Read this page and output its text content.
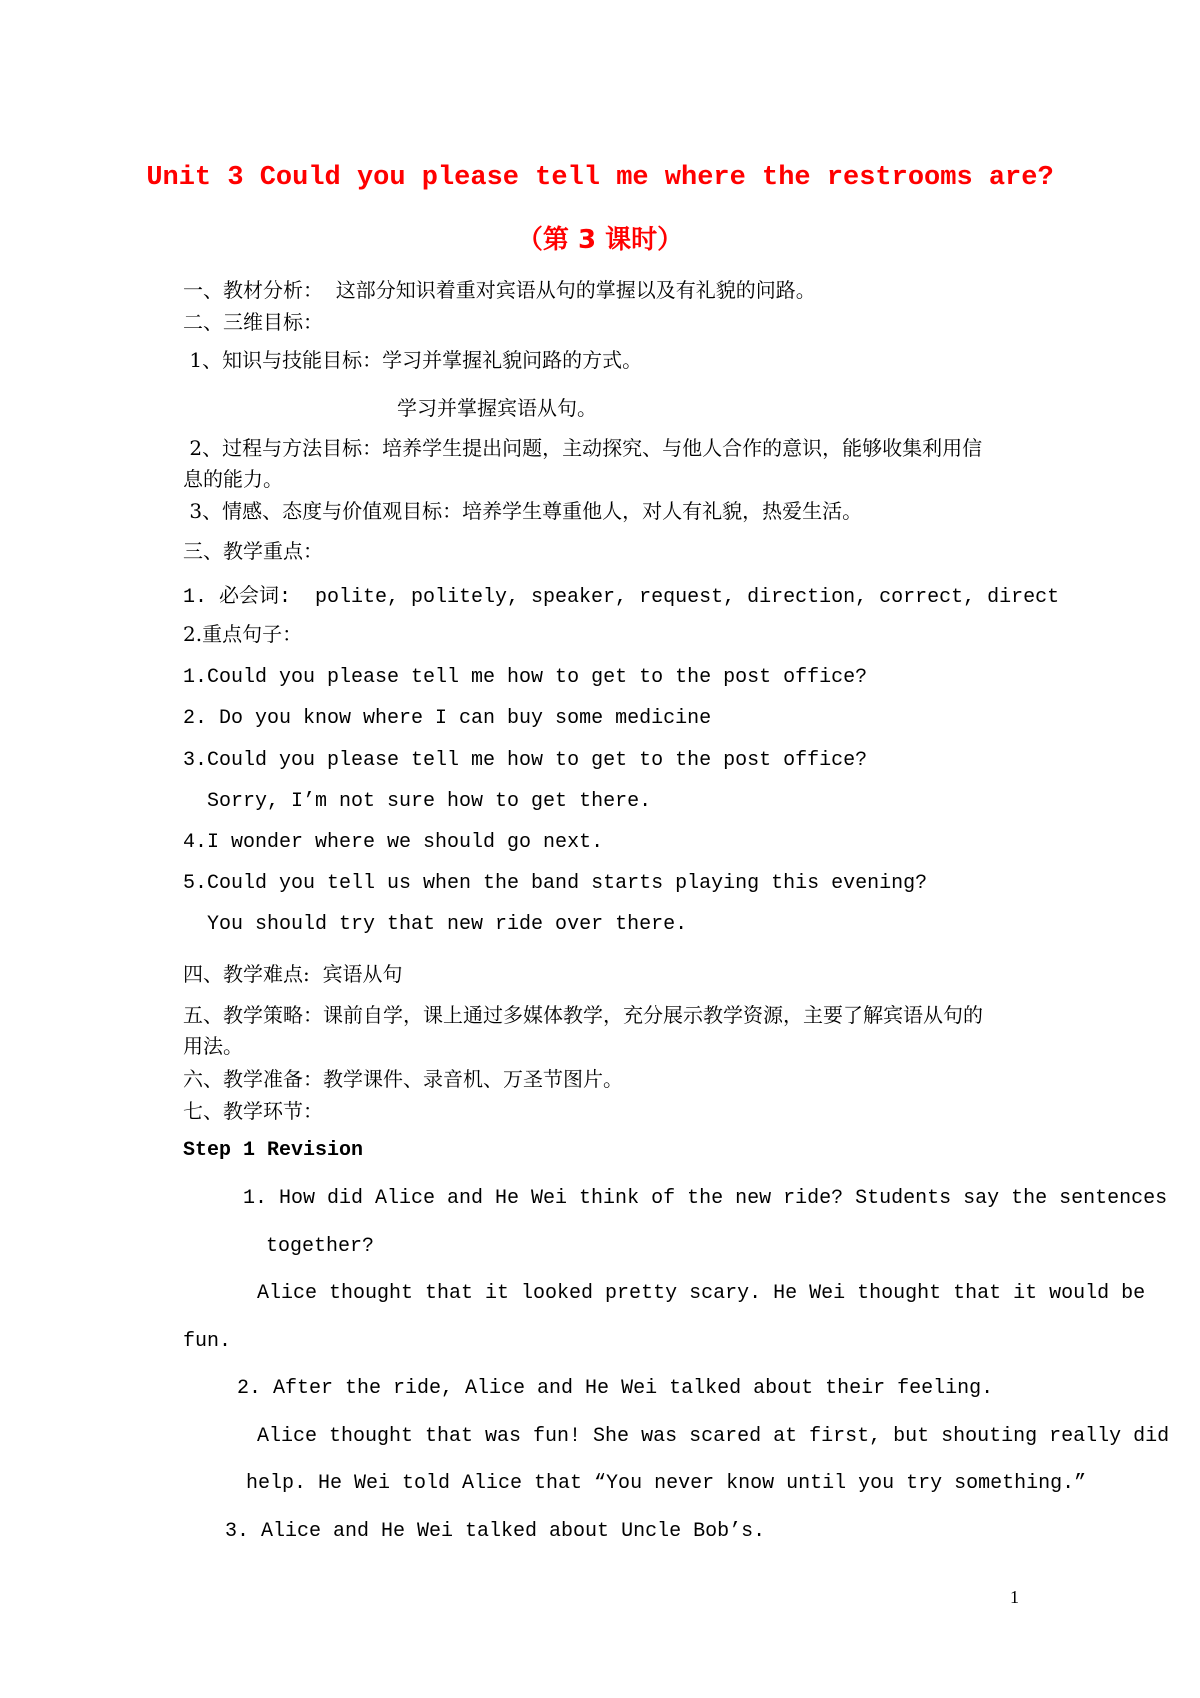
Unit 3 Could you please tell me where the restrooms are?
（第 3 课时）
一、教材分析：  这部分知识着重对宾语从句的掌握以及有礼貌的问路。
二、三维目标：
1、知识与技能目标：学习并掌握礼貌问路的方式。
学习并掌握宾语从句。
2、过程与方法目标：培养学生提出问题，主动探究、与他人合作的意识，能够收集利用信
息的能力。
3、情感、态度与价值观目标：培养学生尊重他人，对人有礼貌，热爱生活。
三、教学重点：
1. 必会词:  polite, politely, speaker, request, direction, correct, direct
2.重点句子：
1.Could you please tell me how to get to the post office?
2. Do you know where I can buy some medicine
3.Could you please tell me how to get to the post office?
Sorry, I’m not sure how to get there.
4.I wonder where we should go next.
5.Could you tell us when the band starts playing this evening?
You should try that new ride over there.
四、教学难点:  宾语从句
五、教学策略：课前自学，课上通过多媒体教学，充分展示教学资源，主要了解宾语从句的
用法。
六、教学准备：教学课件、录音机、万圣节图片。
七、教学环节：
Step 1 Revision
1. How did Alice and He Wei think of the new ride? Students say the sentences
together?
Alice thought that it looked pretty scary. He Wei thought that it would be
fun.
2. After the ride, Alice and He Wei talked about their feeling.
Alice thought that was fun! She was scared at first, but shouting really did
help. He Wei told Alice that “You never know until you try something.”
3. Alice and He Wei talked about Uncle Bob’s.
1
